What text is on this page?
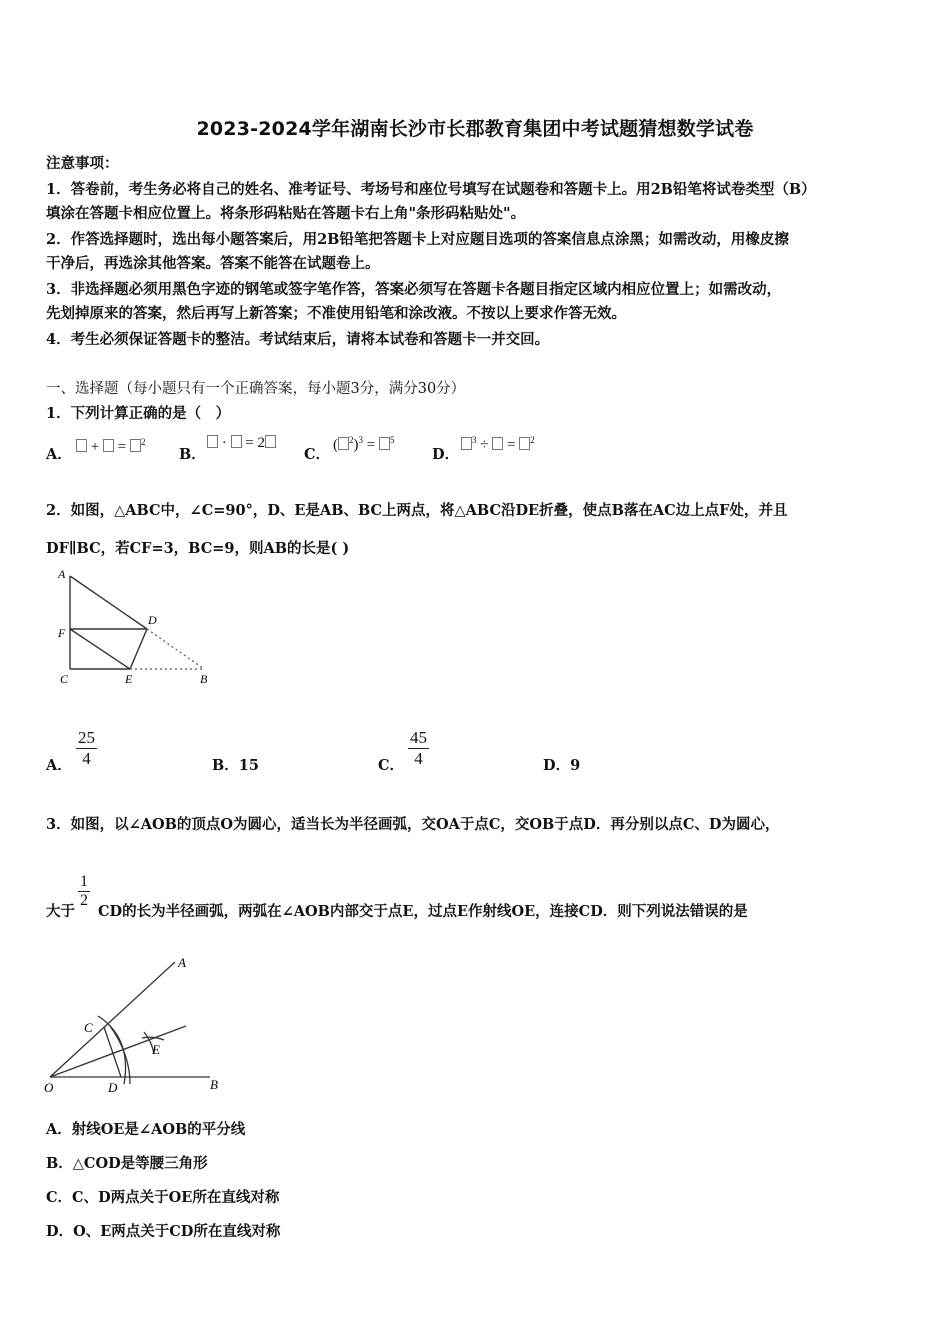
2023-2024学年湖南长沙市长郡教育集团中考试题猜想数学试卷
注意事项：
1．答卷前，考生务必将自己的姓名、准考证号、考场号和座位号填写在试题卷和答题卡上。用2B铅笔将试卷类型（B）
填涂在答题卡相应位置上。将条形码粘贴在答题卡右上角"条形码粘贴处"。
2．作答选择题时，选出每小题答案后，用2B铅笔把答题卡上对应题目选项的答案信息点涂黑；如需改动，用橡皮擦
干净后，再选涂其他答案。答案不能答在试题卷上。
3．非选择题必须用黑色字迹的钢笔或签字笔作答，答案必须写在答题卡各题目指定区域内相应位置上；如需改动，
先划掉原来的答案，然后再写上新答案；不准使用铅笔和涂改液。不按以上要求作答无效。
4．考生必须保证答题卡的整洁。考试结束后，请将本试卷和答题卡一并交回。
一、选择题（每小题只有一个正确答案，每小题3分，满分30分）
1．下列计算正确的是（　）
A．	+ = $^2$
B．
· = 2
C．
( $^2$)$^3$ = $^5$
D．
$^3$ ÷ = $^2$
2．如图，△ABC中，∠C=90°，D、E是AB、BC上两点，将△ABC沿DE折叠，使点B落在AC边上点F处，并且
DF∥BC，若CF=3，BC=9，则AB的长是( )
A
D
F
C	E	B
A．
25
4	B．15	C．
45
4	D．9
3．如图，以∠AOB的顶点O为圆心，适当长为半径画弧，交OA于点C，交OB于点D．再分别以点C、D为圆心，
大于
1
2
CD的长为半径画弧，两弧在∠AOB内部交于点E，过点E作射线OE，连接CD．则下列说法错误的是
A
C
E
O	D	B
A．射线OE是∠AOB的平分线
B．△COD是等腰三角形
C．C、D两点关于OE所在直线对称
D．O、E两点关于CD所在直线对称
